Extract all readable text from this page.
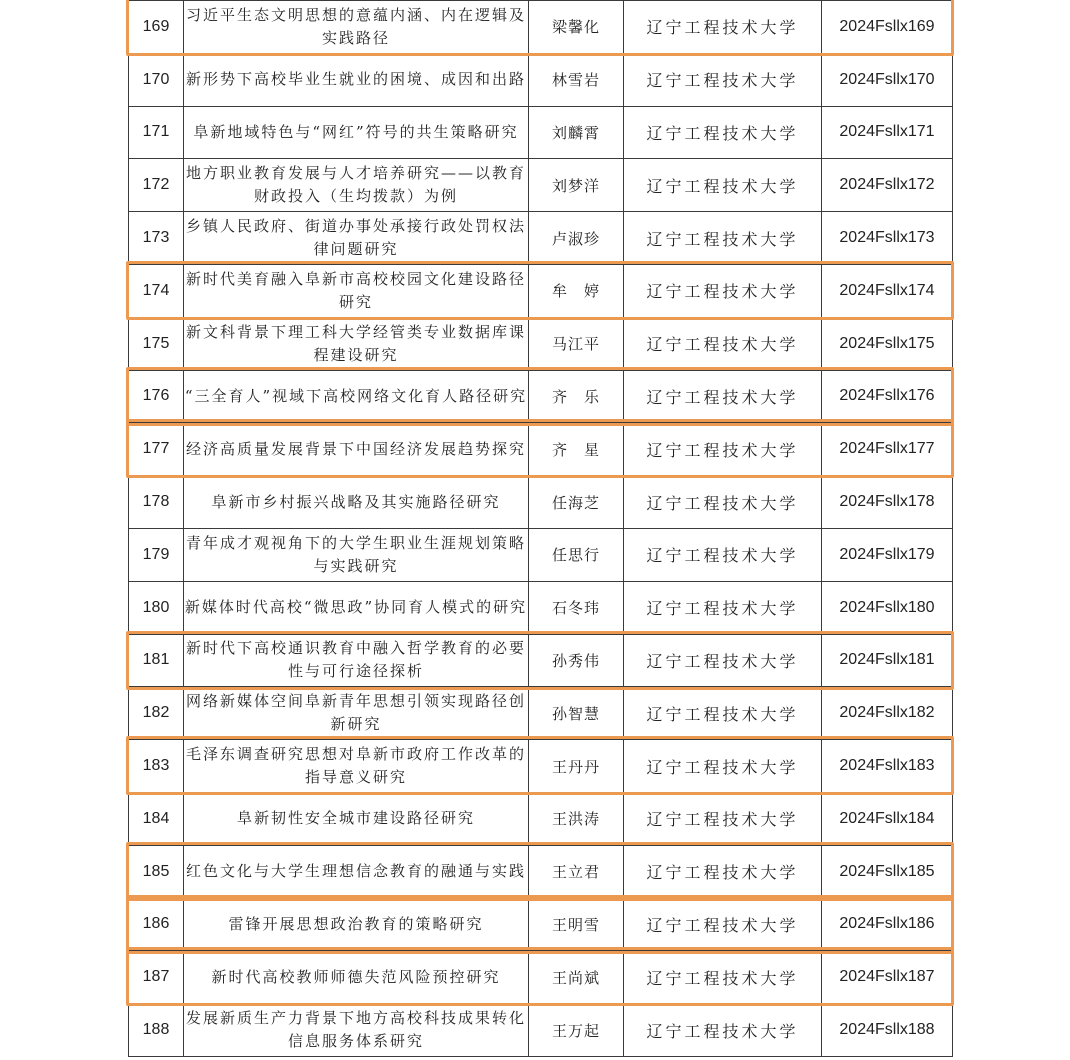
169	习近平生态文明思想的意蕴内涵、内在逻辑及实践路径	梁馨化	辽宁工程技术大学	2024Fsllx169
170	新形势下高校毕业生就业的困境、成因和出路	林雪岩	辽宁工程技术大学	2024Fsllx170
171	阜新地域特色与“网红”符号的共生策略研究	刘麟霄	辽宁工程技术大学	2024Fsllx171
172	地方职业教育发展与人才培养研究——以教育财政投入（生均拨款）为例	刘梦洋	辽宁工程技术大学	2024Fsllx172
173	乡镇人民政府、街道办事处承接行政处罚权法律问题研究	卢淑珍	辽宁工程技术大学	2024Fsllx173
174	新时代美育融入阜新市高校校园文化建设路径研究	牟　婷	辽宁工程技术大学	2024Fsllx174
175	新文科背景下理工科大学经管类专业数据库课程建设研究	马江平	辽宁工程技术大学	2024Fsllx175
176	“三全育人”视域下高校网络文化育人路径研究	齐　乐	辽宁工程技术大学	2024Fsllx176
177	经济高质量发展背景下中国经济发展趋势探究	齐　星	辽宁工程技术大学	2024Fsllx177
178	阜新市乡村振兴战略及其实施路径研究	任海芝	辽宁工程技术大学	2024Fsllx178
179	青年成才观视角下的大学生职业生涯规划策略与实践研究	任思行	辽宁工程技术大学	2024Fsllx179
180	新媒体时代高校“微思政”协同育人模式的研究	石冬玮	辽宁工程技术大学	2024Fsllx180
181	新时代下高校通识教育中融入哲学教育的必要性与可行途径探析	孙秀伟	辽宁工程技术大学	2024Fsllx181
182	网络新媒体空间阜新青年思想引领实现路径创新研究	孙智慧	辽宁工程技术大学	2024Fsllx182
183	毛泽东调查研究思想对阜新市政府工作改革的指导意义研究	王丹丹	辽宁工程技术大学	2024Fsllx183
184	阜新韧性安全城市建设路径研究	王洪涛	辽宁工程技术大学	2024Fsllx184
185	红色文化与大学生理想信念教育的融通与实践	王立君	辽宁工程技术大学	2024Fsllx185
186	雷锋开展思想政治教育的策略研究	王明雪	辽宁工程技术大学	2024Fsllx186
187	新时代高校教师师德失范风险预控研究	王尚斌	辽宁工程技术大学	2024Fsllx187
188	发展新质生产力背景下地方高校科技成果转化信息服务体系研究	王万起	辽宁工程技术大学	2024Fsllx188
